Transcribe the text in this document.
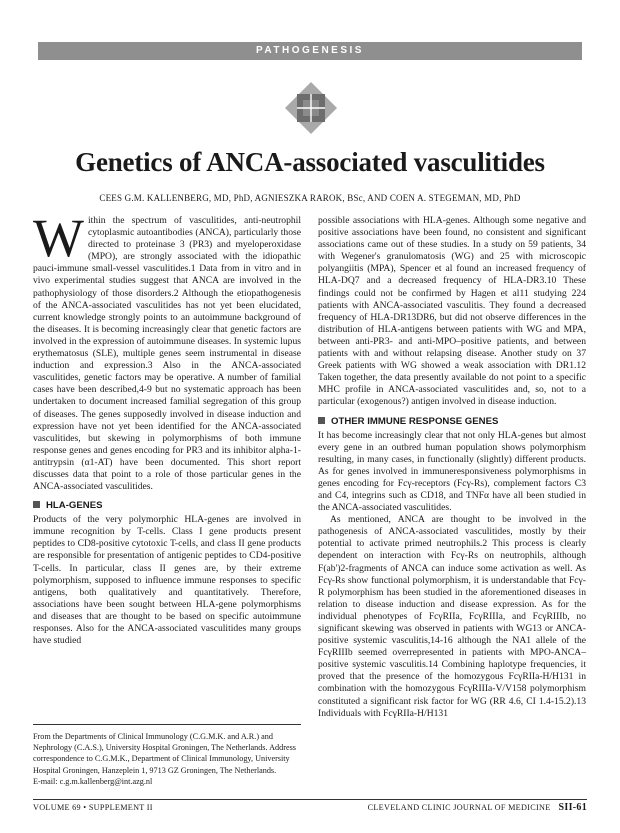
PATHOGENESIS
Genetics of ANCA-associated vasculitides
CEES G.M. KALLENBERG, MD, PhD, AGNIESZKA RAROK, BSc, AND COEN A. STEGEMAN, MD, PhD

Within the spectrum of vasculitides, anti-neutrophil cytoplasmic autoantibodies (ANCA), particularly those directed to proteinase 3 (PR3) and myeloperoxidase (MPO), are strongly associated with the idiopathic pauci-immune small-vessel vasculitides.1 Data from in vitro and in vivo experimental studies suggest that ANCA are involved in the pathophysiology of those disorders.2 Although the etiopathogenesis of the ANCA-associated vasculitides has not yet been elucidated, current knowledge strongly points to an autoimmune background of the diseases. It is becoming increasingly clear that genetic factors are involved in the expression of autoimmune diseases. In systemic lupus erythematosus (SLE), multiple genes seem instrumental in disease induction and expression.3 Also in the ANCA-associated vasculitides, genetic factors may be operative. A number of familial cases have been described,4-9 but no systematic approach has been undertaken to document increased familial segregation of this group of diseases. The genes supposedly involved in disease induction and expression have not yet been identified for the ANCA-associated vasculitides, but skewing in polymorphisms of both immune response genes and genes encoding for PR3 and its inhibitor alpha-1-antitrypsin (α1-AT) have been documented. This short report discusses data that point to a role of those particular genes in the ANCA-associated vasculitides.

HLA-GENES

Products of the very polymorphic HLA-genes are involved in immune recognition by T-cells. Class I gene products present peptides to CD8-positive cytotoxic T-cells, and class II gene products are responsible for presentation of antigenic peptides to CD4-positive T-cells. In particular, class II genes are, by their extreme polymorphism, supposed to influence immune responses to specific antigens, both qualitatively and quantitatively. Therefore, associations have been sought between HLA-gene polymorphisms and diseases that are thought to be based on specific autoimmune responses. Also for the ANCA-associated vasculitides many groups have studied

possible associations with HLA-genes. Although some negative and positive associations have been found, no consistent and significant associations came out of these studies. In a study on 59 patients, 34 with Wegener's granulomatosis (WG) and 25 with microscopic polyangiitis (MPA), Spencer et al found an increased frequency of HLA-DQ7 and a decreased frequency of HLA-DR3.10 These findings could not be confirmed by Hagen et al11 studying 224 patients with ANCA-associated vasculitis. They found a decreased frequency of HLA-DR13DR6, but did not observe differences in the distribution of HLA-antigens between patients with WG and MPA, between anti-PR3- and anti-MPO–positive patients, and between patients with and without relapsing disease. Another study on 37 Greek patients with WG showed a weak association with DR1.12 Taken together, the data presently available do not point to a specific MHC profile in ANCA-associated vasculitides and, so, not to a particular (exogenous?) antigen involved in disease induction.

OTHER IMMUNE RESPONSE GENES

It has become increasingly clear that not only HLA-genes but almost every gene in an outbred human population shows polymorphism resulting, in many cases, in functionally (slightly) different products. As for genes involved in immuneresponsiveness polymorphisms in genes encoding for Fcγ-receptors (Fcγ-Rs), complement factors C3 and C4, integrins such as CD18, and TNFα have all been studied in the ANCA-associated vasculitides.

As mentioned, ANCA are thought to be involved in the pathogenesis of ANCA-associated vasculitides, mostly by their potential to activate primed neutrophils.2 This process is clearly dependent on interaction with Fcγ-Rs on neutrophils, although F(ab')2-fragments of ANCA can induce some activation as well. As Fcγ-Rs show functional polymorphism, it is understandable that Fcγ-R polymorphism has been studied in the aforementioned diseases in relation to disease induction and disease expression. As for the individual phenotypes of FcγRIIa, FcγRIIIa, and FcγRIIIb, no significant skewing was observed in patients with WG13 or ANCA-positive systemic vasculitis,14-16 although the NA1 allele of the FcγRIIIb seemed overrepresented in patients with MPO-ANCA–positive systemic vasculitis.14 Combining haplotype frequencies, it proved that the presence of the homozygous FcγRIIa-H/H131 in combination with the homozygous FcγRIIIa-V/V158 polymorphism constituted a significant risk factor for WG (RR 4.6, CI 1.4-15.2).13 Individuals with FcγRIIa-H/H131

From the Departments of Clinical Immunology (C.G.M.K. and A.R.) and Nephrology (C.A.S.), University Hospital Groningen, The Netherlands. Address correspondence to C.G.M.K., Department of Clinical Immunology, University Hospital Groningen, Hanzeplein 1, 9713 GZ Groningen, The Netherlands.
E-mail: c.g.m.kallenberg@int.azg.nl
VOLUME 69 • SUPPLEMENT II	CLEVELAND CLINIC JOURNAL OF MEDICINE SII-61
